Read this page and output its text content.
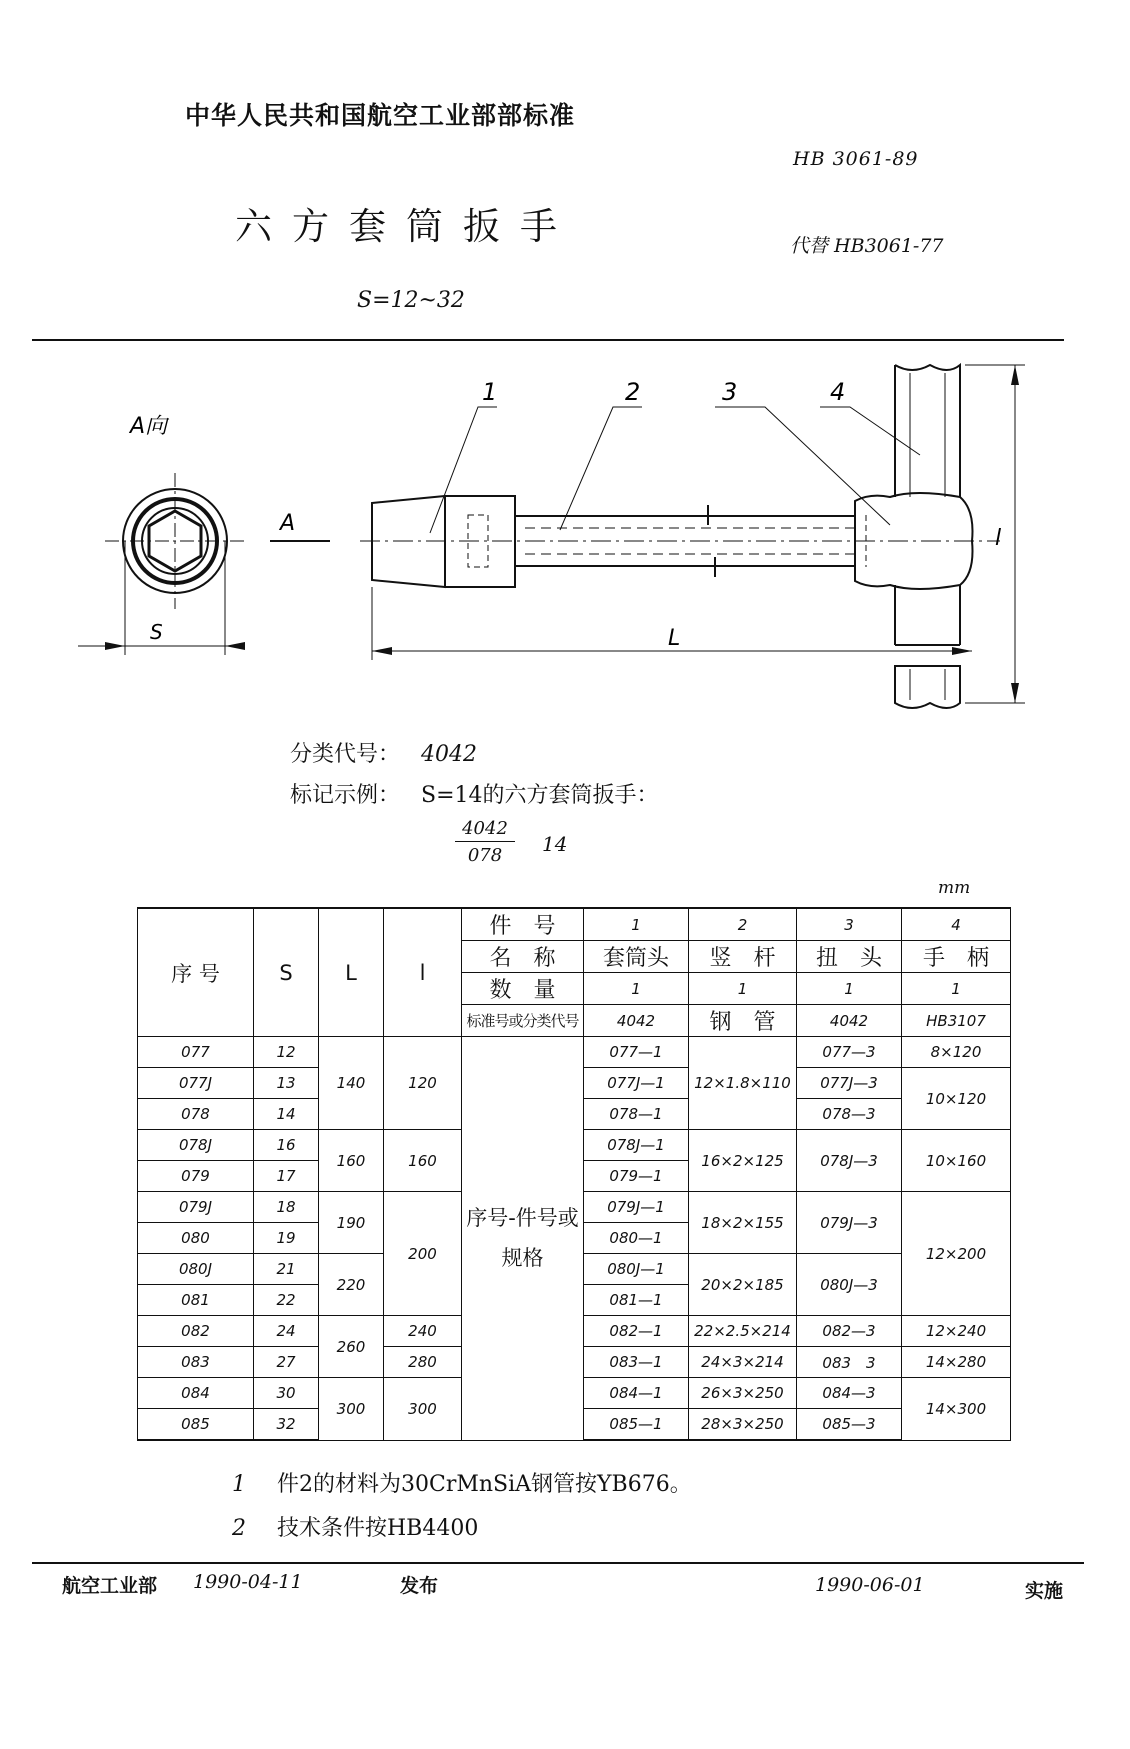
中华人民共和国航空工业部部标准
HB 3061-89
六方套筒扳手	代替 HB3061-77
S=12~32
A向
A
S	L
l
1	2	3	4
分类代号： 4042
标记示例： S=14的六方套筒扳手：
$\frac{4042}{078} 14$
mm
序 号	S	L	l	件　号	1	2	3	4
				名　称	套筒头	竖　杆	扭　头	手　柄
				数　量	1	1	1	1
				标准号或分类代号	4042	钢　管	4042	HB3107
077	12	140	120	序号-件号或规格	077—1	12×1.8×110	077—3	8×120
077J	13				077J—1		077J—3	10×120
078	14				078—1		078—3	
078J	16	160	160		078J—1	16×2×125	078J—3	10×160
079	17				079—1			
079J	18	190	200		079J—1	18×2×155	079J—3	12×200
080	19				080—1			
080J	21	220			080J—1	20×2×185	080J—3	
081	22				081—1			
082	24	260	240		082—1	22×2.5×214	082—3	12×240
083	27		280		083—1	24×3×214	083　3	14×280
084	30	300	300		084—1	26×3×250	084—3	14×300
085	32				085—1	28×3×250	085—3	
1 件2的材料为30CrMnSiA钢管按YB676。
2 技术条件按HB4400
航空工业部 1990-04-11	发布	1990-06-01	实施
